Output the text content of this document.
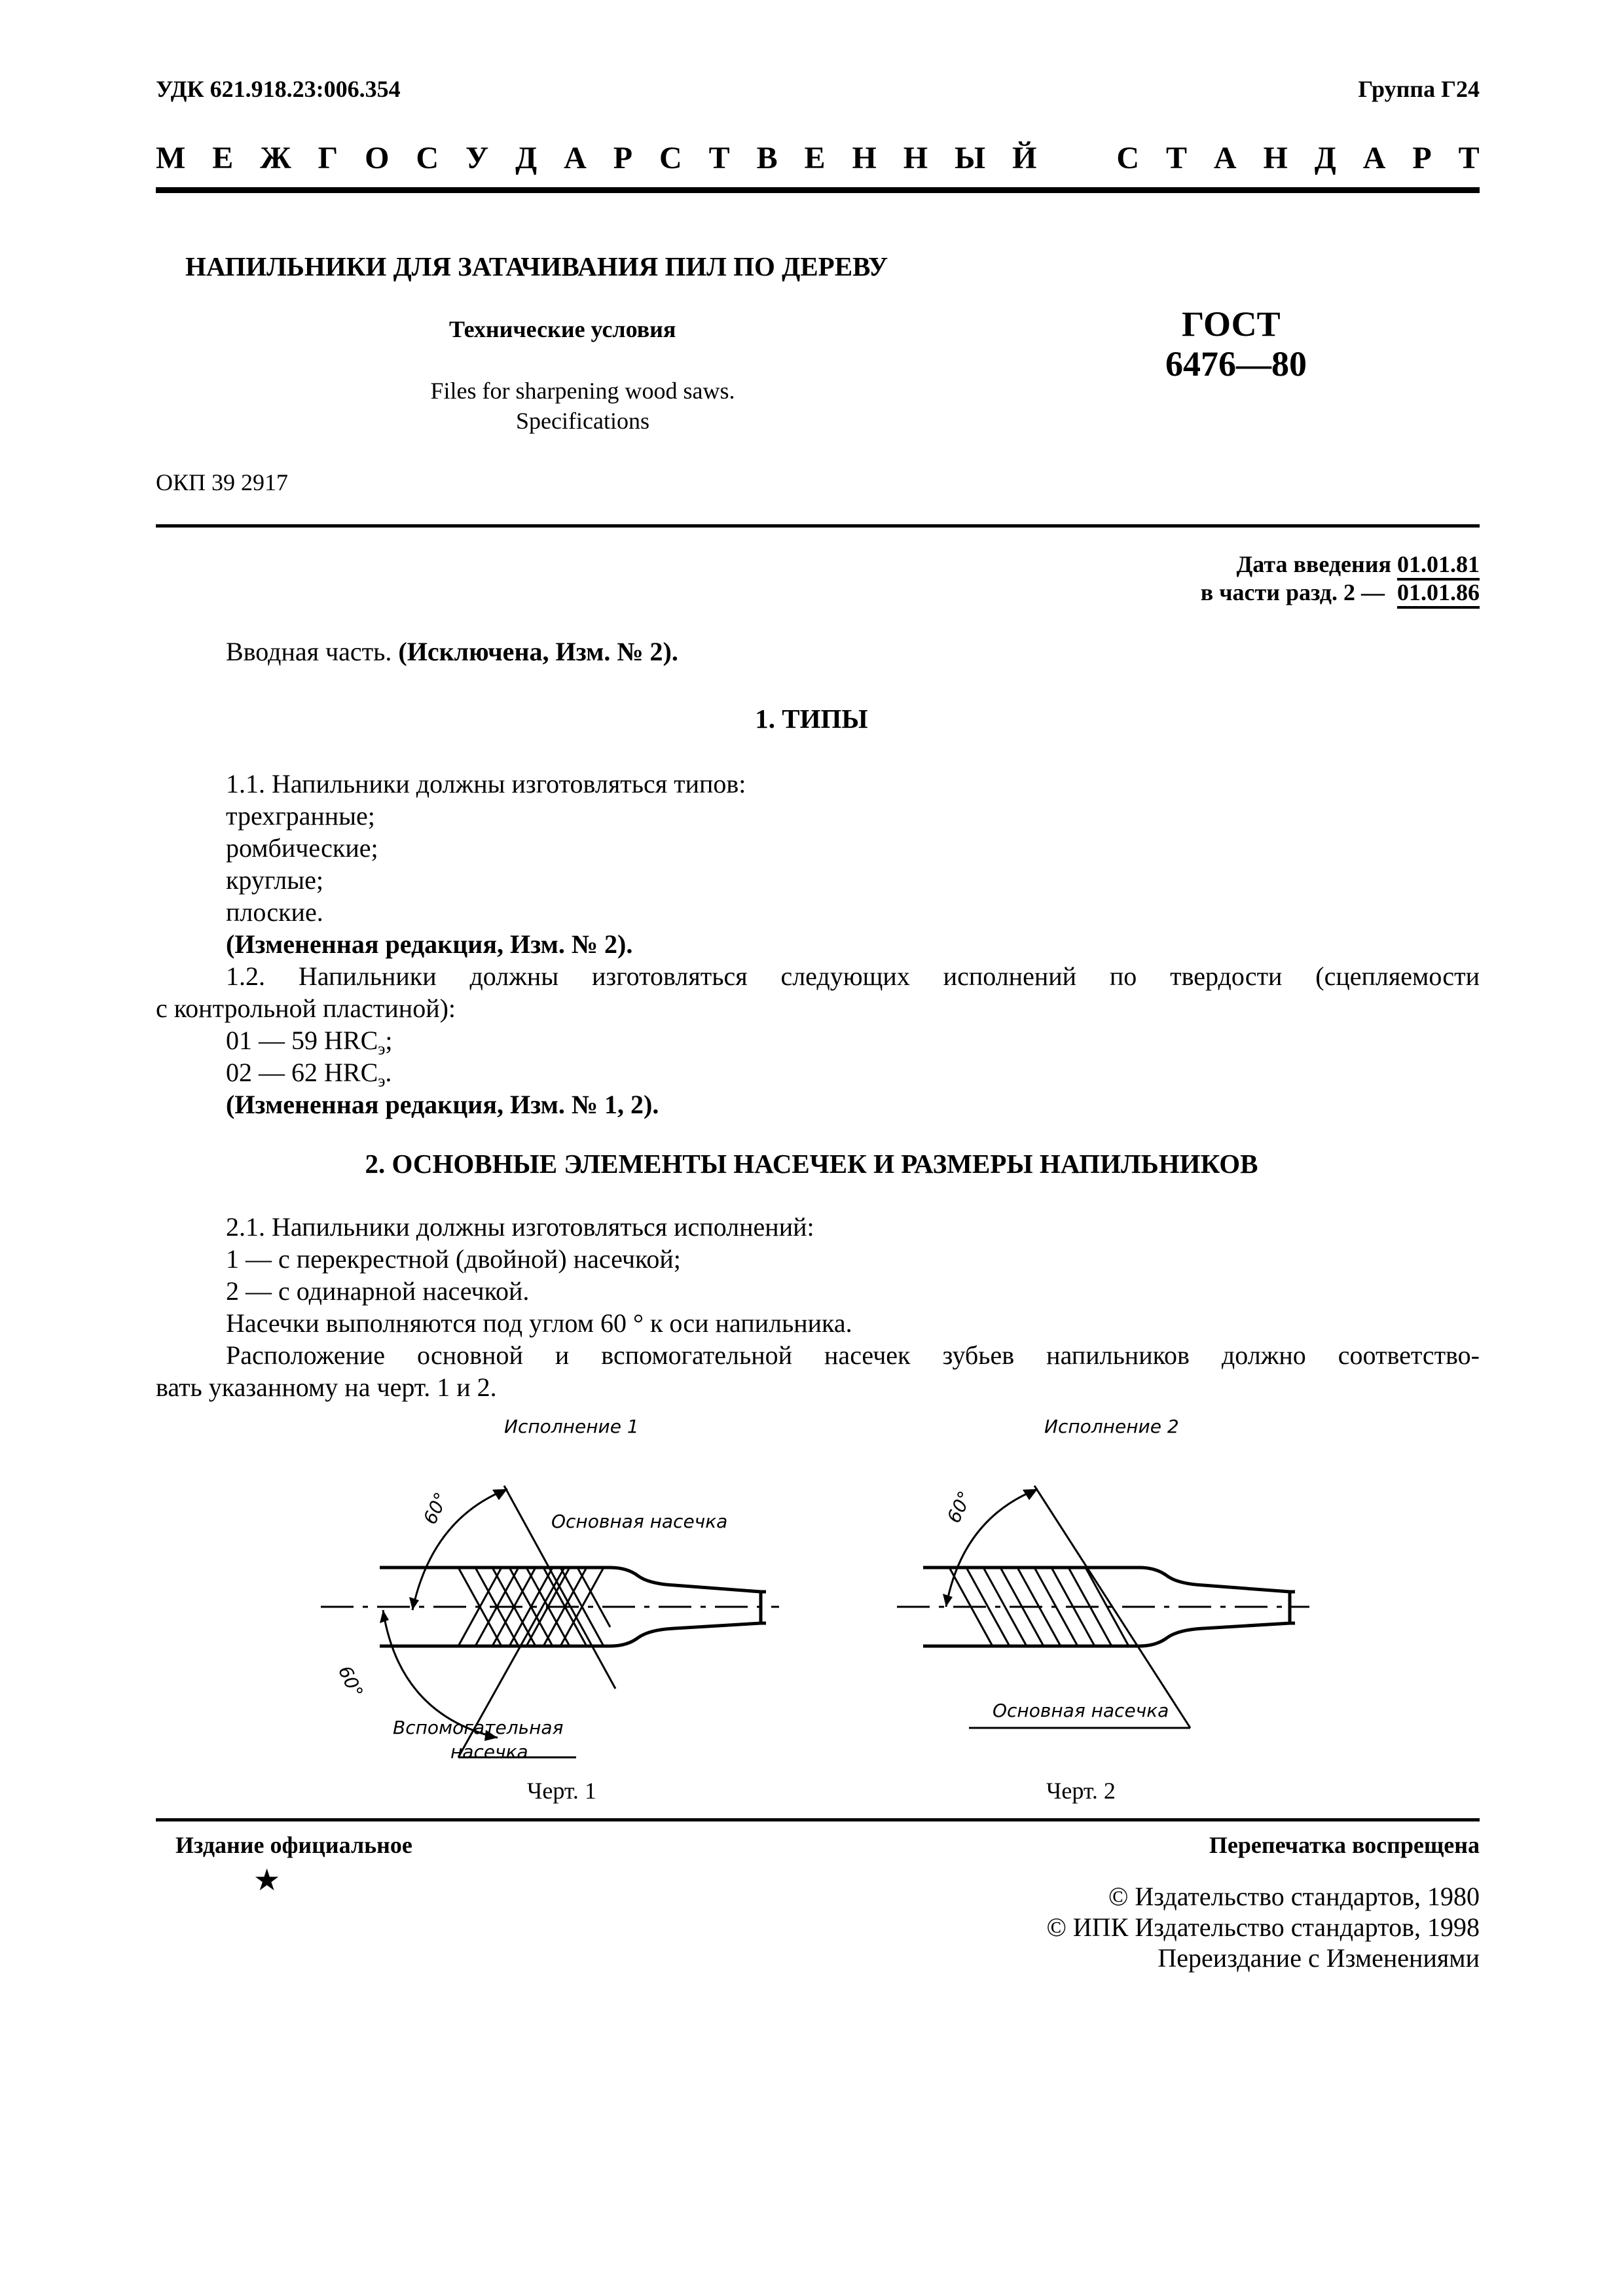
УДК 621.918.23:006.354	Группа Г24
М Е Ж Г О С У Д А Р С Т В Е Н Н Ы Й	С Т А Н Д А Р Т
НАПИЛЬНИКИ ДЛЯ ЗАТАЧИВАНИЯ ПИЛ ПО ДЕРЕВУ
Технические условия
Files for sharpening wood saws.
Specifications
ГОСТ
6476—80
ОКП 39 2917
Дата введения 01.01.81
в части разд. 2 — 01.01.86
Вводная часть. (Исключена, Изм. № 2).
1. ТИПЫ
1.1. Напильники должны изготовляться типов:
трехгранные;
ромбические;
круглые;
плоские.
(Измененная редакция, Изм. № 2).
1.2. Напильники должны изготовляться следующих исполнений по твердости (сцепляемости
с контрольной пластиной):
01 — 59 $HRC_э$;
02 — 62 $HRC_э$.
(Измененная редакция, Изм. № 1, 2).
2. ОСНОВНЫЕ ЭЛЕМЕНТЫ НАСЕЧЕК И РАЗМЕРЫ НАПИЛЬНИКОВ
2.1. Напильники должны изготовляться исполнений:
1 — с перекрестной (двойной) насечкой;
2 — с одинарной насечкой.
Насечки выполняются под углом 60 ° к оси напильника.
Расположение основной и вспомогательной насечек зубьев напильников должно соответство-
вать указанному на черт. 1 и 2.
Исполнение 1
60°
60°
Основная насечка
Вспомогательная
насечка
Черт. 1
Исполнение 2
60°
Основная насечка
Черт. 2
Издание официальное
★
Перепечатка воспрещена
© Издательство стандартов, 1980
© ИПК Издательство стандартов, 1998
Переиздание с Изменениями
